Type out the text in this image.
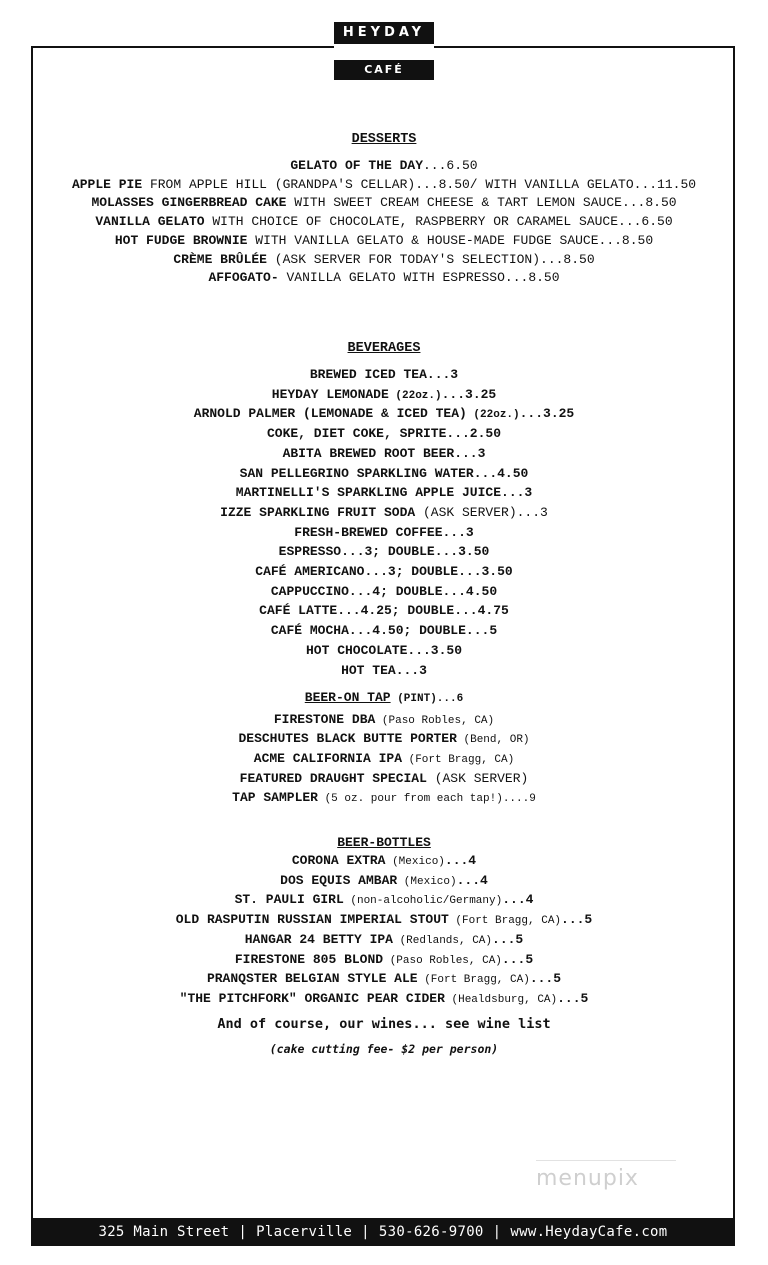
HEYDAY
CAFÉ
DESSERTS
GELATO OF THE DAY...6.50
APPLE PIE FROM APPLE HILL (GRANDPA'S CELLAR)...8.50/ WITH VANILLA GELATO...11.50
MOLASSES GINGERBREAD CAKE WITH SWEET CREAM CHEESE & TART LEMON SAUCE...8.50
VANILLA GELATO WITH CHOICE OF CHOCOLATE, RASPBERRY OR CARAMEL SAUCE...6.50
HOT FUDGE BROWNIE WITH VANILLA GELATO & HOUSE-MADE FUDGE SAUCE...8.50
CRÈME BRÛLÉE (ASK SERVER FOR TODAY'S SELECTION)...8.50
AFFOGATO- VANILLA GELATO WITH ESPRESSO...8.50
BEVERAGES
BREWED ICED TEA...3
HEYDAY LEMONADE (22oz.)...3.25
ARNOLD PALMER (LEMONADE & ICED TEA) (22oz.)...3.25
COKE, DIET COKE, SPRITE...2.50
ABITA BREWED ROOT BEER...3
SAN PELLEGRINO SPARKLING WATER...4.50
MARTINELLI'S SPARKLING APPLE JUICE...3
IZZE SPARKLING FRUIT SODA (ASK SERVER)...3
FRESH-BREWED COFFEE...3
ESPRESSO...3; DOUBLE...3.50
CAFÉ AMERICANO...3; DOUBLE...3.50
CAPPUCCINO...4; DOUBLE...4.50
CAFÉ LATTE...4.25; DOUBLE...4.75
CAFÉ MOCHA...4.50; DOUBLE...5
HOT CHOCOLATE...3.50
HOT TEA...3
BEER-ON TAP (PINT)...6
FIRESTONE DBA (Paso Robles, CA)
DESCHUTES BLACK BUTTE PORTER (Bend, OR)
ACME CALIFORNIA IPA (Fort Bragg, CA)
FEATURED DRAUGHT SPECIAL (ASK SERVER)
TAP SAMPLER (5 oz. pour from each tap!)....9
BEER-BOTTLES
CORONA EXTRA (Mexico)...4
DOS EQUIS AMBAR (Mexico)...4
ST. PAULI GIRL (non-alcoholic/Germany)...4
OLD RASPUTIN RUSSIAN IMPERIAL STOUT (Fort Bragg, CA)...5
HANGAR 24 BETTY IPA (Redlands, CA)...5
FIRESTONE 805 BLOND (Paso Robles, CA)...5
PRANQSTER BELGIAN STYLE ALE (Fort Bragg, CA)...5
"THE PITCHFORK" ORGANIC PEAR CIDER (Healdsburg, CA)...5
And of course, our wines... see wine list
(cake cutting fee- $2 per person)
menupix
325 Main Street | Placerville | 530-626-9700 | www.HeydayCafe.com
